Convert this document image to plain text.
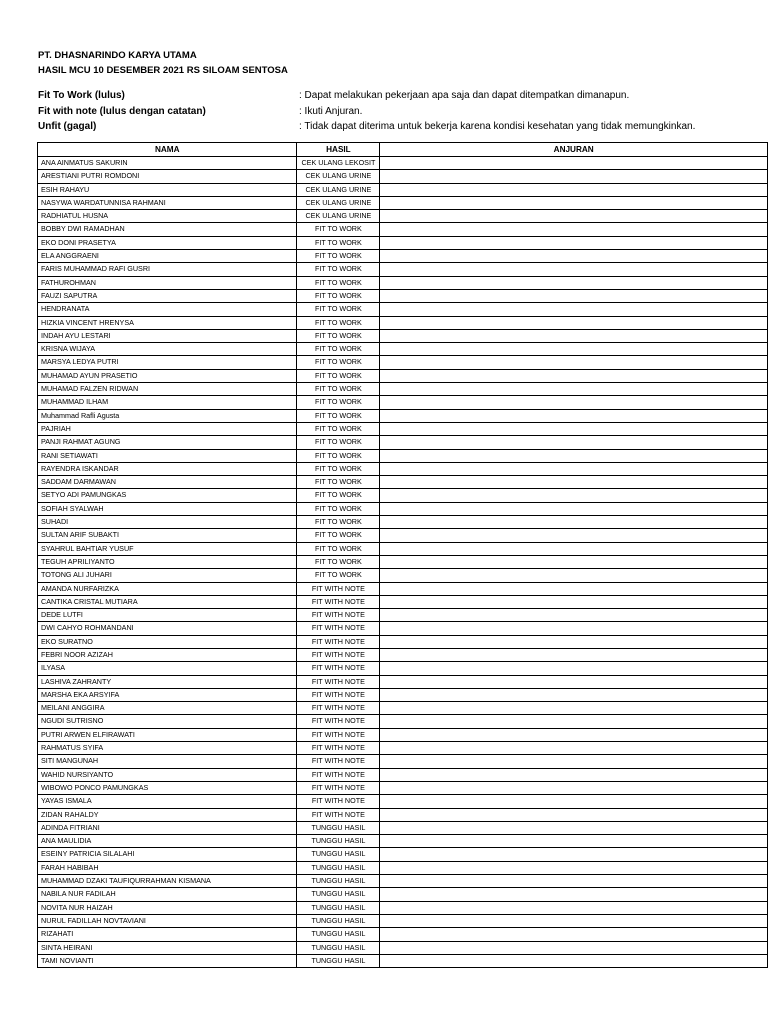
PT. DHASNARINDO KARYA UTAMA
HASIL MCU 10 DESEMBER 2021 RS SILOAM SENTOSA
Fit To Work (lulus)	: Dapat melakukan pekerjaan apa saja dan dapat ditempatkan dimanapun.
Fit with note (lulus dengan catatan)	: Ikuti Anjuran.
Unfit (gagal)	: Tidak dapat diterima untuk bekerja karena kondisi kesehatan yang tidak memungkinkan.
NAMA	HASIL	ANJURAN
ANA AINMATUS SAKURIN	CEK ULANG LEKOSIT	
ARESTIANI PUTRI ROMDONI	CEK ULANG URINE	
ESIH RAHAYU	CEK ULANG URINE	
NASYWA WARDATUNNISA RAHMANI	CEK ULANG URINE	
RADHIATUL HUSNA	CEK ULANG URINE	
BOBBY DWI RAMADHAN	FIT TO WORK	
EKO DONI PRASETYA	FIT TO WORK	
ELA ANGGRAENI	FIT TO WORK	
FARIS MUHAMMAD RAFI GUSRI	FIT TO WORK	
FATHUROHMAN	FIT TO WORK	
FAUZI SAPUTRA	FIT TO WORK	
HENDRANATA	FIT TO WORK	
HIZKIA VINCENT HRENYSA	FIT TO WORK	
INDAH AYU LESTARI	FIT TO WORK	
KRISNA WIJAYA	FIT TO WORK	
MARSYA LEDYA PUTRI	FIT TO WORK	
MUHAMAD AYUN PRASETIO	FIT TO WORK	
MUHAMAD FALZEN RIDWAN	FIT TO WORK	
MUHAMMAD ILHAM	FIT TO WORK	
Muhammad Rafli Agusta	FIT TO WORK	
PAJRIAH	FIT TO WORK	
PANJI RAHMAT AGUNG	FIT TO WORK	
RANI SETIAWATI	FIT TO WORK	
RAYENDRA ISKANDAR	FIT TO WORK	
SADDAM DARMAWAN	FIT TO WORK	
SETYO ADI PAMUNGKAS	FIT TO WORK	
SOFIAH SYALWAH	FIT TO WORK	
SUHADI	FIT TO WORK	
SULTAN ARIF SUBAKTI	FIT TO WORK	
SYAHRUL BAHTIAR YUSUF	FIT TO WORK	
TEGUH APRILIYANTO	FIT TO WORK	
TOTONG ALI JUHARI	FIT TO WORK	
AMANDA NURFARIZKA	FIT WITH NOTE	
CANTIKA CRISTAL MUTIARA	FIT WITH NOTE	
DEDE LUTFI	FIT WITH NOTE	
DWI CAHYO ROHMANDANI	FIT WITH NOTE	
EKO SURATNO	FIT WITH NOTE	
FEBRI NOOR AZIZAH	FIT WITH NOTE	
ILYASA	FIT WITH NOTE	
LASHIVA ZAHRANTY	FIT WITH NOTE	
MARSHA EKA ARSYIFA	FIT WITH NOTE	
MEILANI ANGGIRA	FIT WITH NOTE	
NGUDI SUTRISNO	FIT WITH NOTE	
PUTRI ARWEN ELFIRAWATI	FIT WITH NOTE	
RAHMATUS SYIFA	FIT WITH NOTE	
SITI MANGUNAH	FIT WITH NOTE	
WAHID NURSIYANTO	FIT WITH NOTE	
WIBOWO PONCO PAMUNGKAS	FIT WITH NOTE	
YAYAS ISMALA	FIT WITH NOTE	
ZIDAN RAHALDY	FIT WITH NOTE	
ADINDA FITRIANI	TUNGGU HASIL	
ANA MAULIDIA	TUNGGU HASIL	
ESEINY PATRICIA SILALAHI	TUNGGU HASIL	
FARAH HABIBAH	TUNGGU HASIL	
MUHAMMAD DZAKI TAUFIQURRAHMAN KISMANA	TUNGGU HASIL	
NABILA NUR FADILAH	TUNGGU HASIL	
NOVITA NUR HAIZAH	TUNGGU HASIL	
NURUL FADILLAH NOVTAVIANI	TUNGGU HASIL	
RIZAHATI	TUNGGU HASIL	
SINTA HEIRANI	TUNGGU HASIL	
TAMI NOVIANTI	TUNGGU HASIL	
